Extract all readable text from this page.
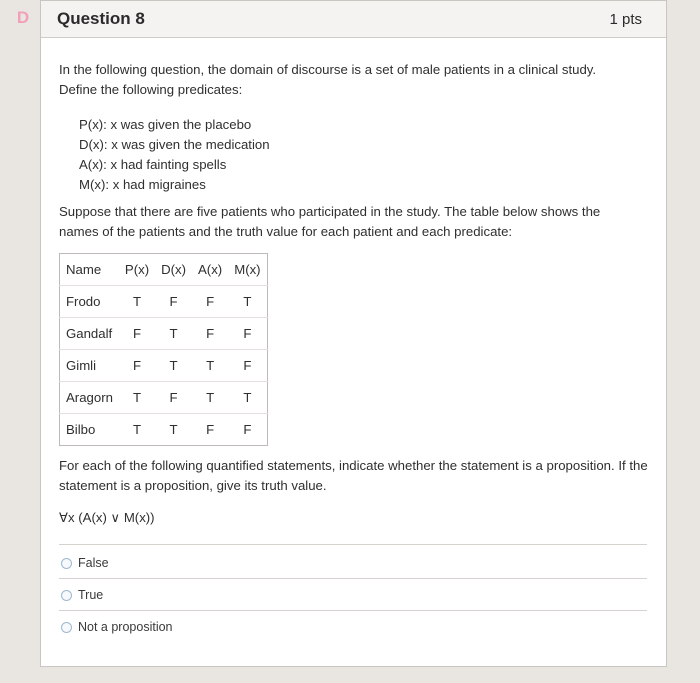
D Question 8	1 pts
In the following question, the domain of discourse is a set of male patients in a clinical study. Define the following predicates:
P(x): x was given the placebo
D(x): x was given the medication
A(x): x had fainting spells
M(x): x had migraines
Suppose that there are five patients who participated in the study. The table below shows the names of the patients and the truth value for each patient and each predicate:
Name	P(x)	D(x)	A(x)	M(x)
Frodo	T	F	F	T
Gandalf	F	T	F	F
Gimli	F	T	T	F
Aragorn	T	F	T	T
Bilbo	T	T	F	F
For each of the following quantified statements, indicate whether the statement is a proposition. If the statement is a proposition, give its truth value.
∀x (A(x) ∨ M(x))
False
True
Not a proposition
